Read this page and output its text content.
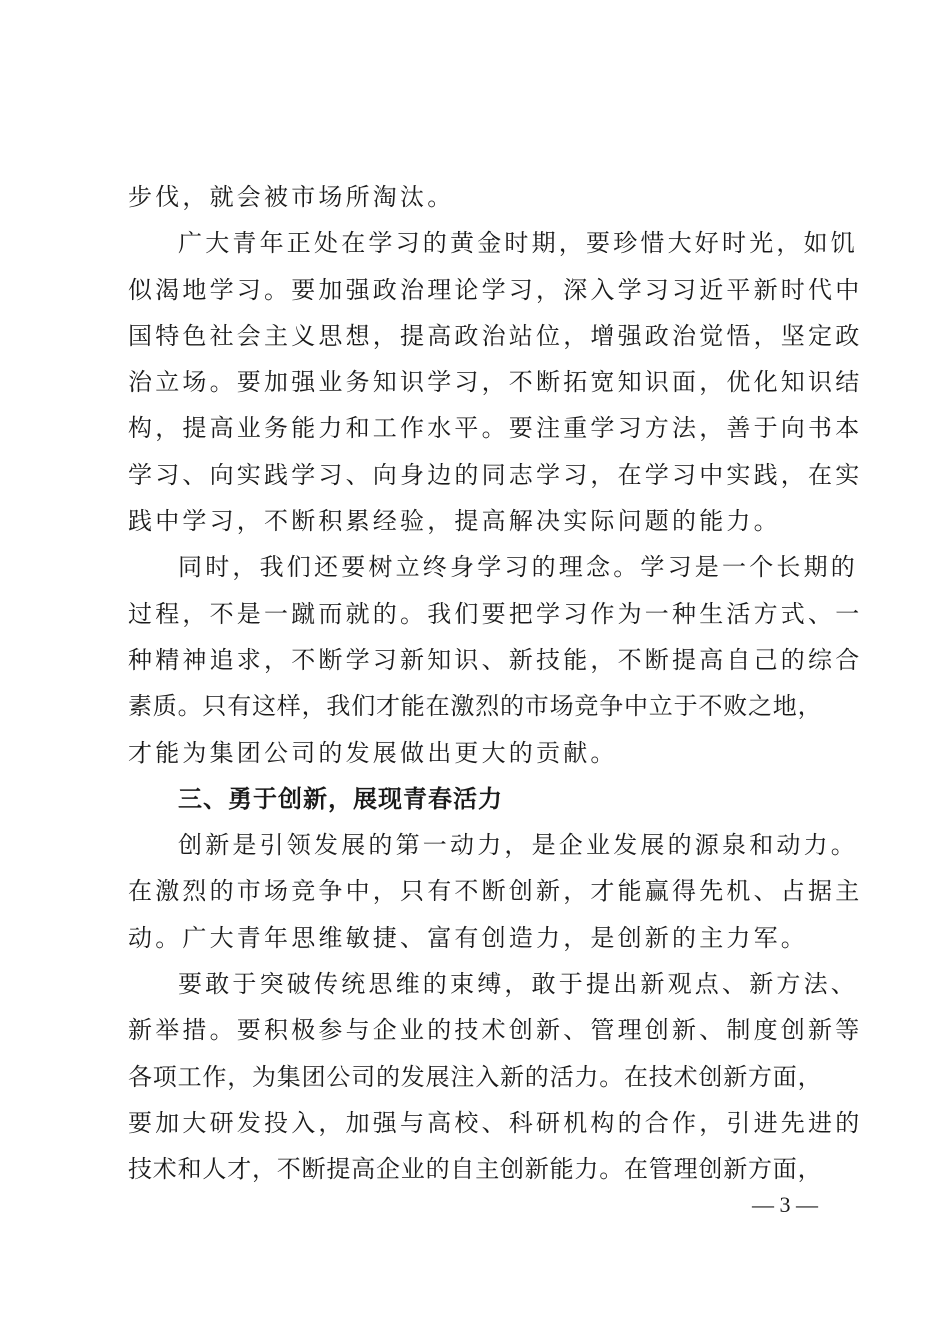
步伐，就会被市场所淘汰。
广大青年正处在学习的黄金时期，要珍惜大好时光，如饥
似渴地学习。要加强政治理论学习，深入学习习近平新时代中
国特色社会主义思想，提高政治站位，增强政治觉悟，坚定政
治立场。要加强业务知识学习，不断拓宽知识面，优化知识结
构，提高业务能力和工作水平。要注重学习方法，善于向书本
学习、向实践学习、向身边的同志学习，在学习中实践，在实
践中学习，不断积累经验，提高解决实际问题的能力。
同时，我们还要树立终身学习的理念。学习是一个长期的
过程，不是一蹴而就的。我们要把学习作为一种生活方式、一
种精神追求，不断学习新知识、新技能，不断提高自己的综合
素质。只有这样，我们才能在激烈的市场竞争中立于不败之地，
才能为集团公司的发展做出更大的贡献。
三、勇于创新，展现青春活力
创新是引领发展的第一动力，是企业发展的源泉和动力。
在激烈的市场竞争中，只有不断创新，才能赢得先机、占据主
动。广大青年思维敏捷、富有创造力，是创新的主力军。
要敢于突破传统思维的束缚，敢于提出新观点、新方法、
新举措。要积极参与企业的技术创新、管理创新、制度创新等
各项工作，为集团公司的发展注入新的活力。在技术创新方面，
要加大研发投入，加强与高校、科研机构的合作，引进先进的
技术和人才，不断提高企业的自主创新能力。在管理创新方面，
— 3 —
